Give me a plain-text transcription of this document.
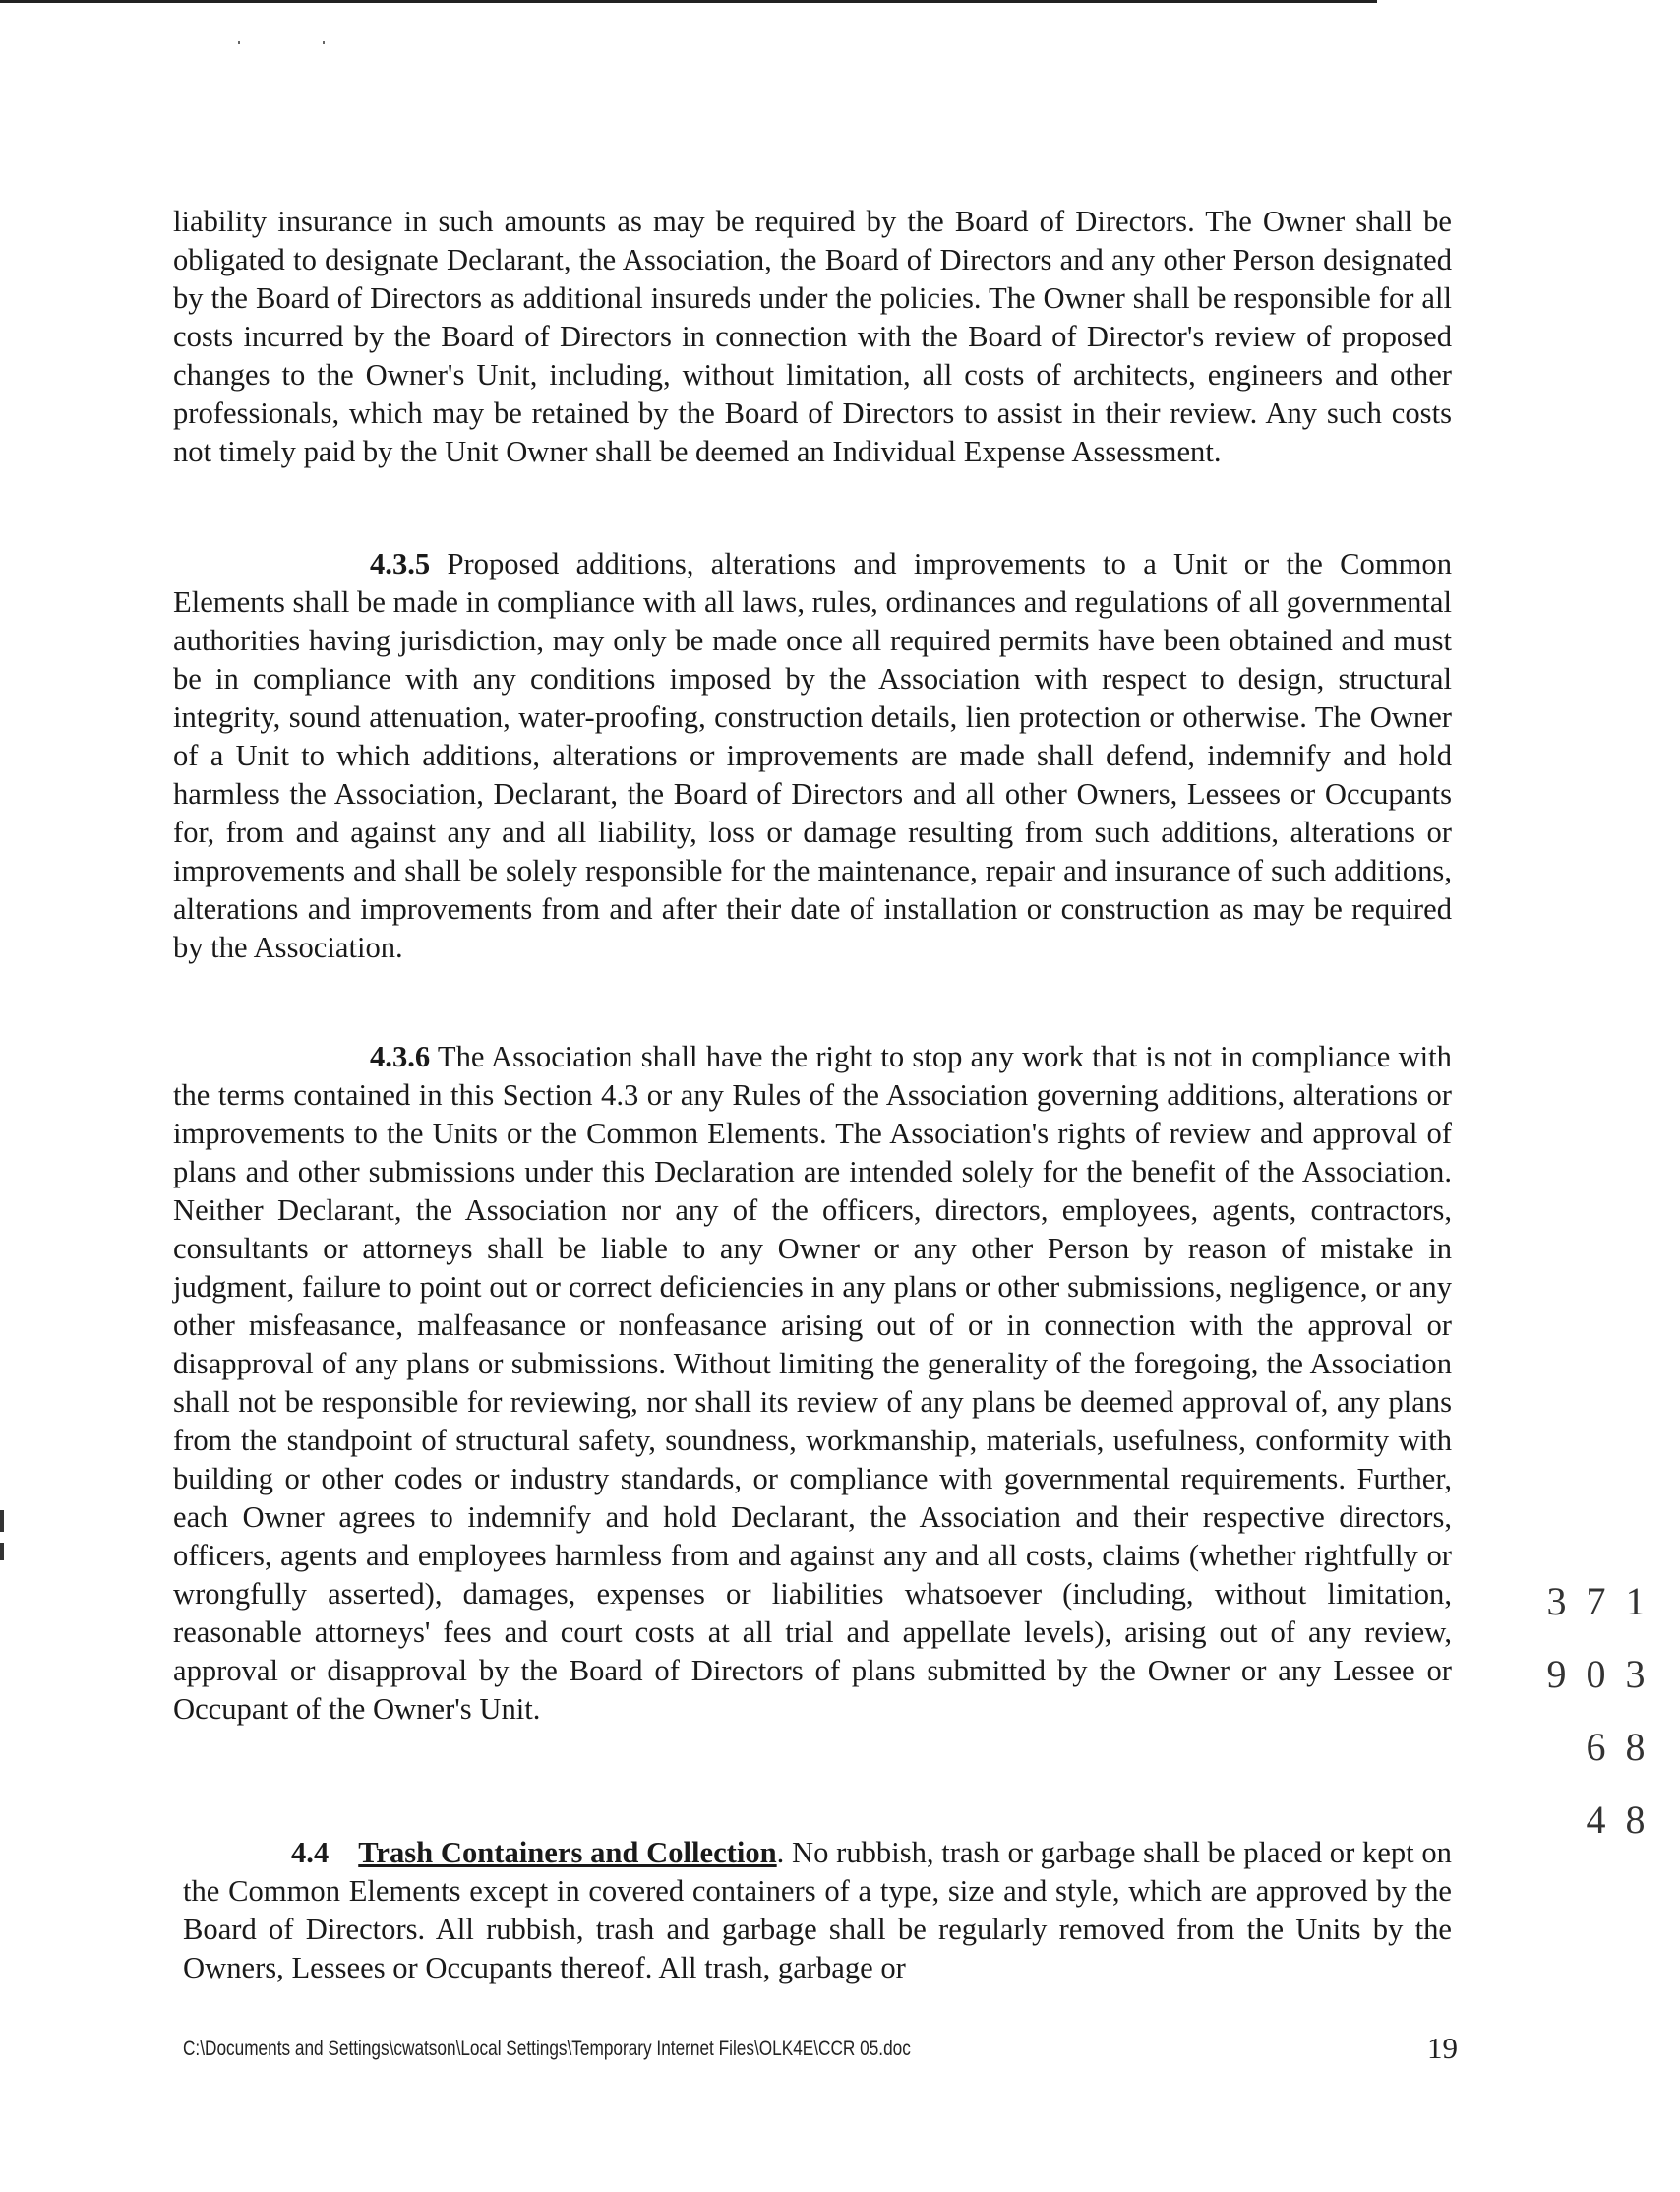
liability insurance in such amounts as may be required by the Board of Directors. The Owner shall be obligated to designate Declarant, the Association, the Board of Directors and any other Person designated by the Board of Directors as additional insureds under the policies. The Owner shall be responsible for all costs incurred by the Board of Directors in connection with the Board of Director's review of proposed changes to the Owner's Unit, including, without limitation, all costs of architects, engineers and other professionals, which may be retained by the Board of Directors to assist in their review. Any such costs not timely paid by the Unit Owner shall be deemed an Individual Expense Assessment.

4.3.5 Proposed additions, alterations and improvements to a Unit or the Common Elements shall be made in compliance with all laws, rules, ordinances and regulations of all governmental authorities having jurisdiction, may only be made once all required permits have been obtained and must be in compliance with any conditions imposed by the Association with respect to design, structural integrity, sound attenuation, water-proofing, construction details, lien protection or otherwise. The Owner of a Unit to which additions, alterations or improvements are made shall defend, indemnify and hold harmless the Association, Declarant, the Board of Directors and all other Owners, Lessees or Occupants for, from and against any and all liability, loss or damage resulting from such additions, alterations or improvements and shall be solely responsible for the maintenance, repair and insurance of such additions, alterations and improvements from and after their date of installation or construction as may be required by the Association.

4.3.6 The Association shall have the right to stop any work that is not in compliance with the terms contained in this Section 4.3 or any Rules of the Association governing additions, alterations or improvements to the Units or the Common Elements. The Association's rights of review and approval of plans and other submissions under this Declaration are intended solely for the benefit of the Association. Neither Declarant, the Association nor any of the officers, directors, employees, agents, contractors, consultants or attorneys shall be liable to any Owner or any other Person by reason of mistake in judgment, failure to point out or correct deficiencies in any plans or other submissions, negligence, or any other misfeasance, malfeasance or nonfeasance arising out of or in connection with the approval or disapproval of any plans or submissions. Without limiting the generality of the foregoing, the Association shall not be responsible for reviewing, nor shall its review of any plans be deemed approval of, any plans from the standpoint of structural safety, soundness, workmanship, materials, usefulness, conformity with building or other codes or industry standards, or compliance with governmental requirements. Further, each Owner agrees to indemnify and hold Declarant, the Association and their respective directors, officers, agents and employees harmless from and against any and all costs, claims (whether rightfully or wrongfully asserted), damages, expenses or liabilities whatsoever (including, without limitation, reasonable attorneys' fees and court costs at all trial and appellate levels), arising out of any review, approval or disapproval by the Board of Directors of plans submitted by the Owner or any Lessee or Occupant of the Owner's Unit.

4.4 Trash Containers and Collection. No rubbish, trash or garbage shall be placed or kept on the Common Elements except in covered containers of a type, size and style, which are approved by the Board of Directors. All rubbish, trash and garbage shall be regularly removed from the Units by the Owners, Lessees or Occupants thereof. All trash, garbage or

1 3 8 8 7 0 6 4 3 9
C:\Documents and Settings\cwatson\Local Settings\Temporary Internet Files\OLK4E\CCR 05.doc	19
